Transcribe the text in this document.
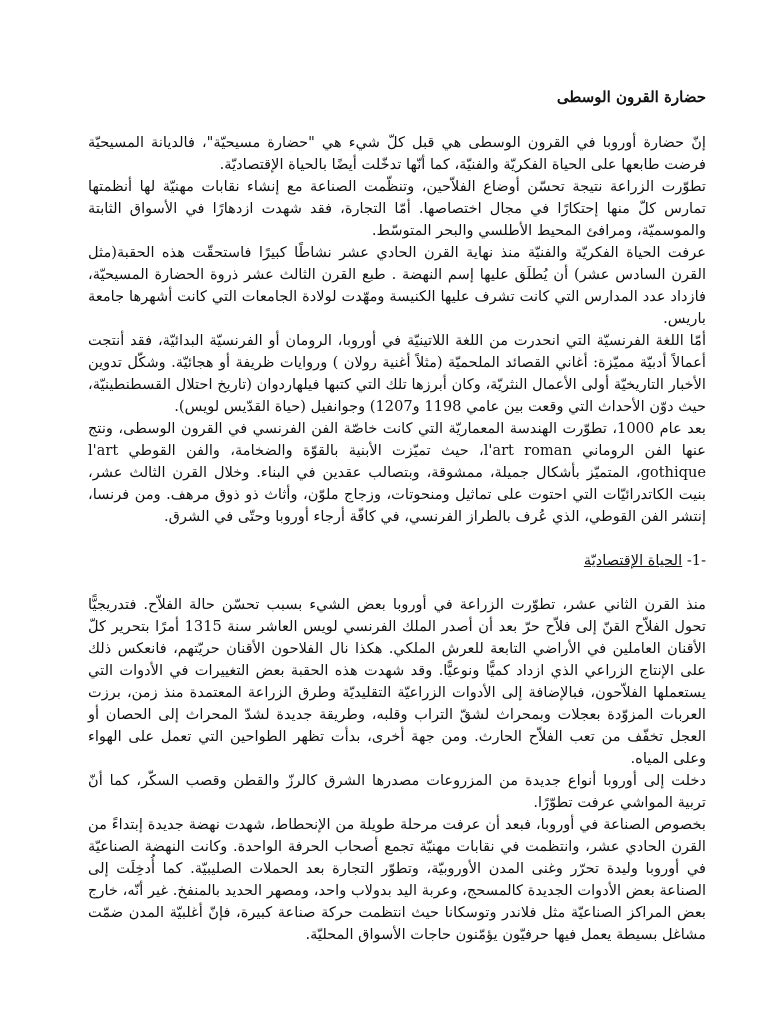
حضارة القرون الوسطى

إنّ حضارة أوروبا في القرون الوسطى هي قبل كلّ شيء هي "حضارة مسيحيّة"، فالديانة المسيحيّة فرضت طابعها على الحياة الفكريّة والفنيّة، كما أنّها تدخّلت أيضًا بالحياة الإقتصاديّة.

تطوّرت الزراعة نتيجة تحسّن أوضاع الفلاّحين، وتنظّمت الصناعة مع إنشاء نقابات مهنيّة لها أنظمتها تمارس كلّ منها إحتكارًا في مجال اختصاصها. أمّا التجارة، فقد شهدت ازدهارًا في الأسواق الثابتة والموسميّة، ومرافئ المحيط الأطلسي والبحر المتوسّط.

عرفت الحياة الفكريّة والفنيّة منذ نهاية القرن الحادي عشر نشاطًا كبيرًا فاستحقّت هذه الحقبة(مثل القرن السادس عشر) أن يُطلَق عليها إسم النهضة . طبع القرن الثالث عشر ذروة الحضارة المسيحيّة، فازداد عدد المدارس التي كانت تشرف عليها الكنيسة ومهّدت لولادة الجامعات التي كانت أشهرها جامعة باريس.

أمّا اللغة الفرنسيّة التي انحدرت من اللغة اللاتينيّة في أوروبا، الرومان أو الفرنسيّة البدائيّة، فقد أنتجت أعمالاً أدبيّة مميّزة: أغاني القصائد الملحميّة (مثلاً أغنية رولان ) وروايات ظريفة أو هجائيّة. وشكّل تدوين الأخبار التاريخيّة أولى الأعمال النثريّة، وكان أبرزها تلك التي كتبها فيلهاردوان (تاريخ احتلال القسطنطينيّة، حيث دوّن الأحداث التي وقعت بين عامي 1198 و1207) وجوانفيل (حياة القدّيس لويس).

بعد عام 1000، تطوّرت الهندسة المعماريّة التي كانت خاصّة الفن الفرنسي في القرون الوسطى، ونتج عنها الفن الروماني l'art roman، حيث تميّزت الأبنية بالقوّة والضخامة، والفن القوطي l'art gothique، المتميّز بأشكال جميلة، ممشوقة، وبتصالب عقدين في البناء. وخلال القرن الثالث عشر، بنيت الكاتدرائيّات التي احتوت على تماثيل ومنحوتات، وزجاج ملوّن، وأثاث ذو ذوق مرهف. ومن فرنسا، إنتشر الفن القوطي، الذي عُرف بالطراز الفرنسي، في كافّة أرجاء أوروبا وحتّى في الشرق.

-1- الحياة الإقتصاديّة

منذ القرن الثاني عشر، تطوّرت الزراعة في أوروبا بعض الشيء بسبب تحسّن حالة الفلاّح. فتدريجيًّا تحول الفلاّح القنّ إلى فلاّح حرّ بعد أن أصدر الملك الفرنسي لويس العاشر سنة 1315 أمرًا بتحرير كلّ الأقنان العاملين في الأراضي التابعة للعرش الملكي. هكذا نال الفلاحون الأقنان حريّتهم، فانعكس ذلك على الإنتاج الزراعي الذي ازداد كميًّا ونوعيًّا. وقد شهدت هذه الحقبة بعض التغييرات في الأدوات التي يستعملها الفلاّحون، فبالإضافة إلى الأدوات الزراعيّة التقليديّة وطرق الزراعة المعتمدة منذ زمن، برزت العربات المزوّدة بعجلات وبمحراث لشقّ التراب وقلبه، وطريقة جديدة لشدّ المحراث إلى الحصان أو العجل تخفّف من تعب الفلاّح الحارث. ومن جهة أخرى، بدأت تظهر الطواحين التي تعمل على الهواء وعلى المياه.

دخلت إلى أوروبا أنواع جديدة من المزروعات مصدرها الشرق كالرزّ والقطن وقصب السكّر، كما أنّ تربية المواشي عرفت تطوّرًا.

بخصوص الصناعة في أوروبا، فبعد أن عرفت مرحلة طويلة من الإنحطاط، شهدت نهضة جديدة إبتداءً من القرن الحادي عشر، وانتظمت في نقابات مهنيّة تجمع أصحاب الحرفة الواحدة. وكانت النهضة الصناعيّة في أوروبا وليدة تحرّر وغنى المدن الأوروبيّة، وتطوّر التجارة بعد الحملات الصليبيّة. كما أُدخِلَت إلى الصناعة بعض الأدوات الجديدة كالمسحج، وعربة اليد بدولاب واحد، ومصهر الحديد بالمنفخ. غير أنّه، خارج بعض المراكز الصناعيّة مثل فلاندر وتوسكانا حيث انتظمت حركة صناعة كبيرة، فإنّ أغلبيّة المدن ضمّت مشاغل بسيطة يعمل فيها حرفيّون يؤمّنون حاجات الأسواق المحليّة.
